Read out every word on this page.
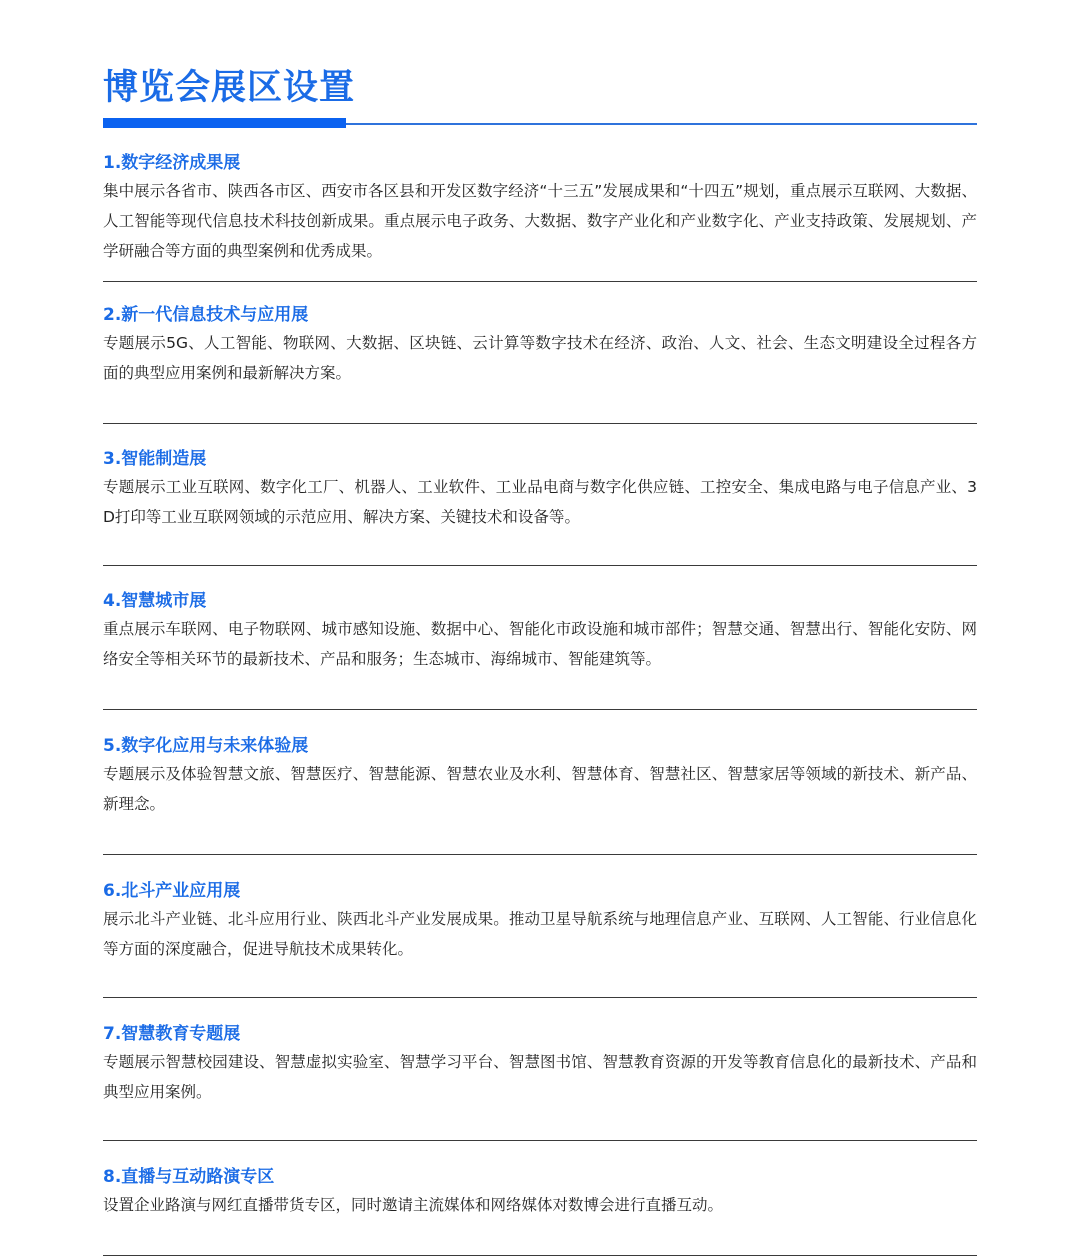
博览会展区设置
1.数字经济成果展
集中展示各省市、陕西各市区、西安市各区县和开发区数字经济“十三五”发展成果和“十四五”规划，重点展示互联网、大数据、人工智能等现代信息技术科技创新成果。重点展示电子政务、大数据、数字产业化和产业数字化、产业支持政策、发展规划、产学研融合等方面的典型案例和优秀成果。
2.新一代信息技术与应用展
专题展示5G、人工智能、物联网、大数据、区块链、云计算等数字技术在经济、政治、人文、社会、生态文明建设全过程各方面的典型应用案例和最新解决方案。
3.智能制造展
专题展示工业互联网、数字化工厂、机器人、工业软件、工业品电商与数字化供应链、工控安全、集成电路与电子信息产业、3D打印等工业互联网领域的示范应用、解决方案、关键技术和设备等。
4.智慧城市展
重点展示车联网、电子物联网、城市感知设施、数据中心、智能化市政设施和城市部件；智慧交通、智慧出行、智能化安防、网络安全等相关环节的最新技术、产品和服务；生态城市、海绵城市、智能建筑等。
5.数字化应用与未来体验展
专题展示及体验智慧文旅、智慧医疗、智慧能源、智慧农业及水利、智慧体育、智慧社区、智慧家居等领域的新技术、新产品、新理念。
6.北斗产业应用展
展示北斗产业链、北斗应用行业、陕西北斗产业发展成果。推动卫星导航系统与地理信息产业、互联网、人工智能、行业信息化等方面的深度融合，促进导航技术成果转化。
7.智慧教育专题展
专题展示智慧校园建设、智慧虚拟实验室、智慧学习平台、智慧图书馆、智慧教育资源的开发等教育信息化的最新技术、产品和典型应用案例。
8.直播与互动路演专区
设置企业路演与网红直播带货专区，同时邀请主流媒体和网络媒体对数博会进行直播互动。
